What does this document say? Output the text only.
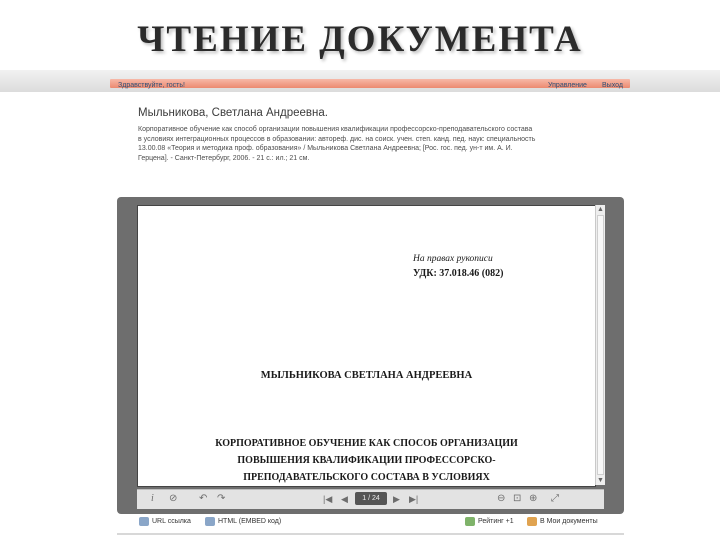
ЧТЕНИЕ ДОКУМЕНТА
Здравствуйте, гость!	Управление Выход
Мыльникова, Светлана Андреевна.
Корпоративное обучение как способ организации повышения квалификации профессорско-преподавательского состава
в условиях интеграционных процессов в образовании: автореф. дис. на соиск. учен. степ. канд. пед. наук: специальность
13.00.08 «Теория и методика проф. образования» / Мыльникова Светлана Андреевна; [Рос. гос. пед. ун-т им. А. И.
Герцена]. - Санкт-Петербург, 2006. - 21 с.: ил.; 21 см.
На правах рукописи
УДК: 37.018.46 (082)
МЫЛЬНИКОВА СВЕТЛАНА АНДРЕЕВНА
КОРПОРАТИВНОЕ ОБУЧЕНИЕ КАК СПОСОБ ОРГАНИЗАЦИИ
ПОВЫШЕНИЯ КВАЛИФИКАЦИИ ПРОФЕССОРСКО-
ПРЕПОДАВАТЕЛЬСКОГО СОСТАВА В УСЛОВИЯХ
▲
▼
i ⊘ ↶ ↷	|◀ ◀	1 / 24	▶ ▶|	⊖ ⊡ ⊕ ⤢
URL ссылка	HTML (EMBED код)	Рейтинг +1	В Мои документы
